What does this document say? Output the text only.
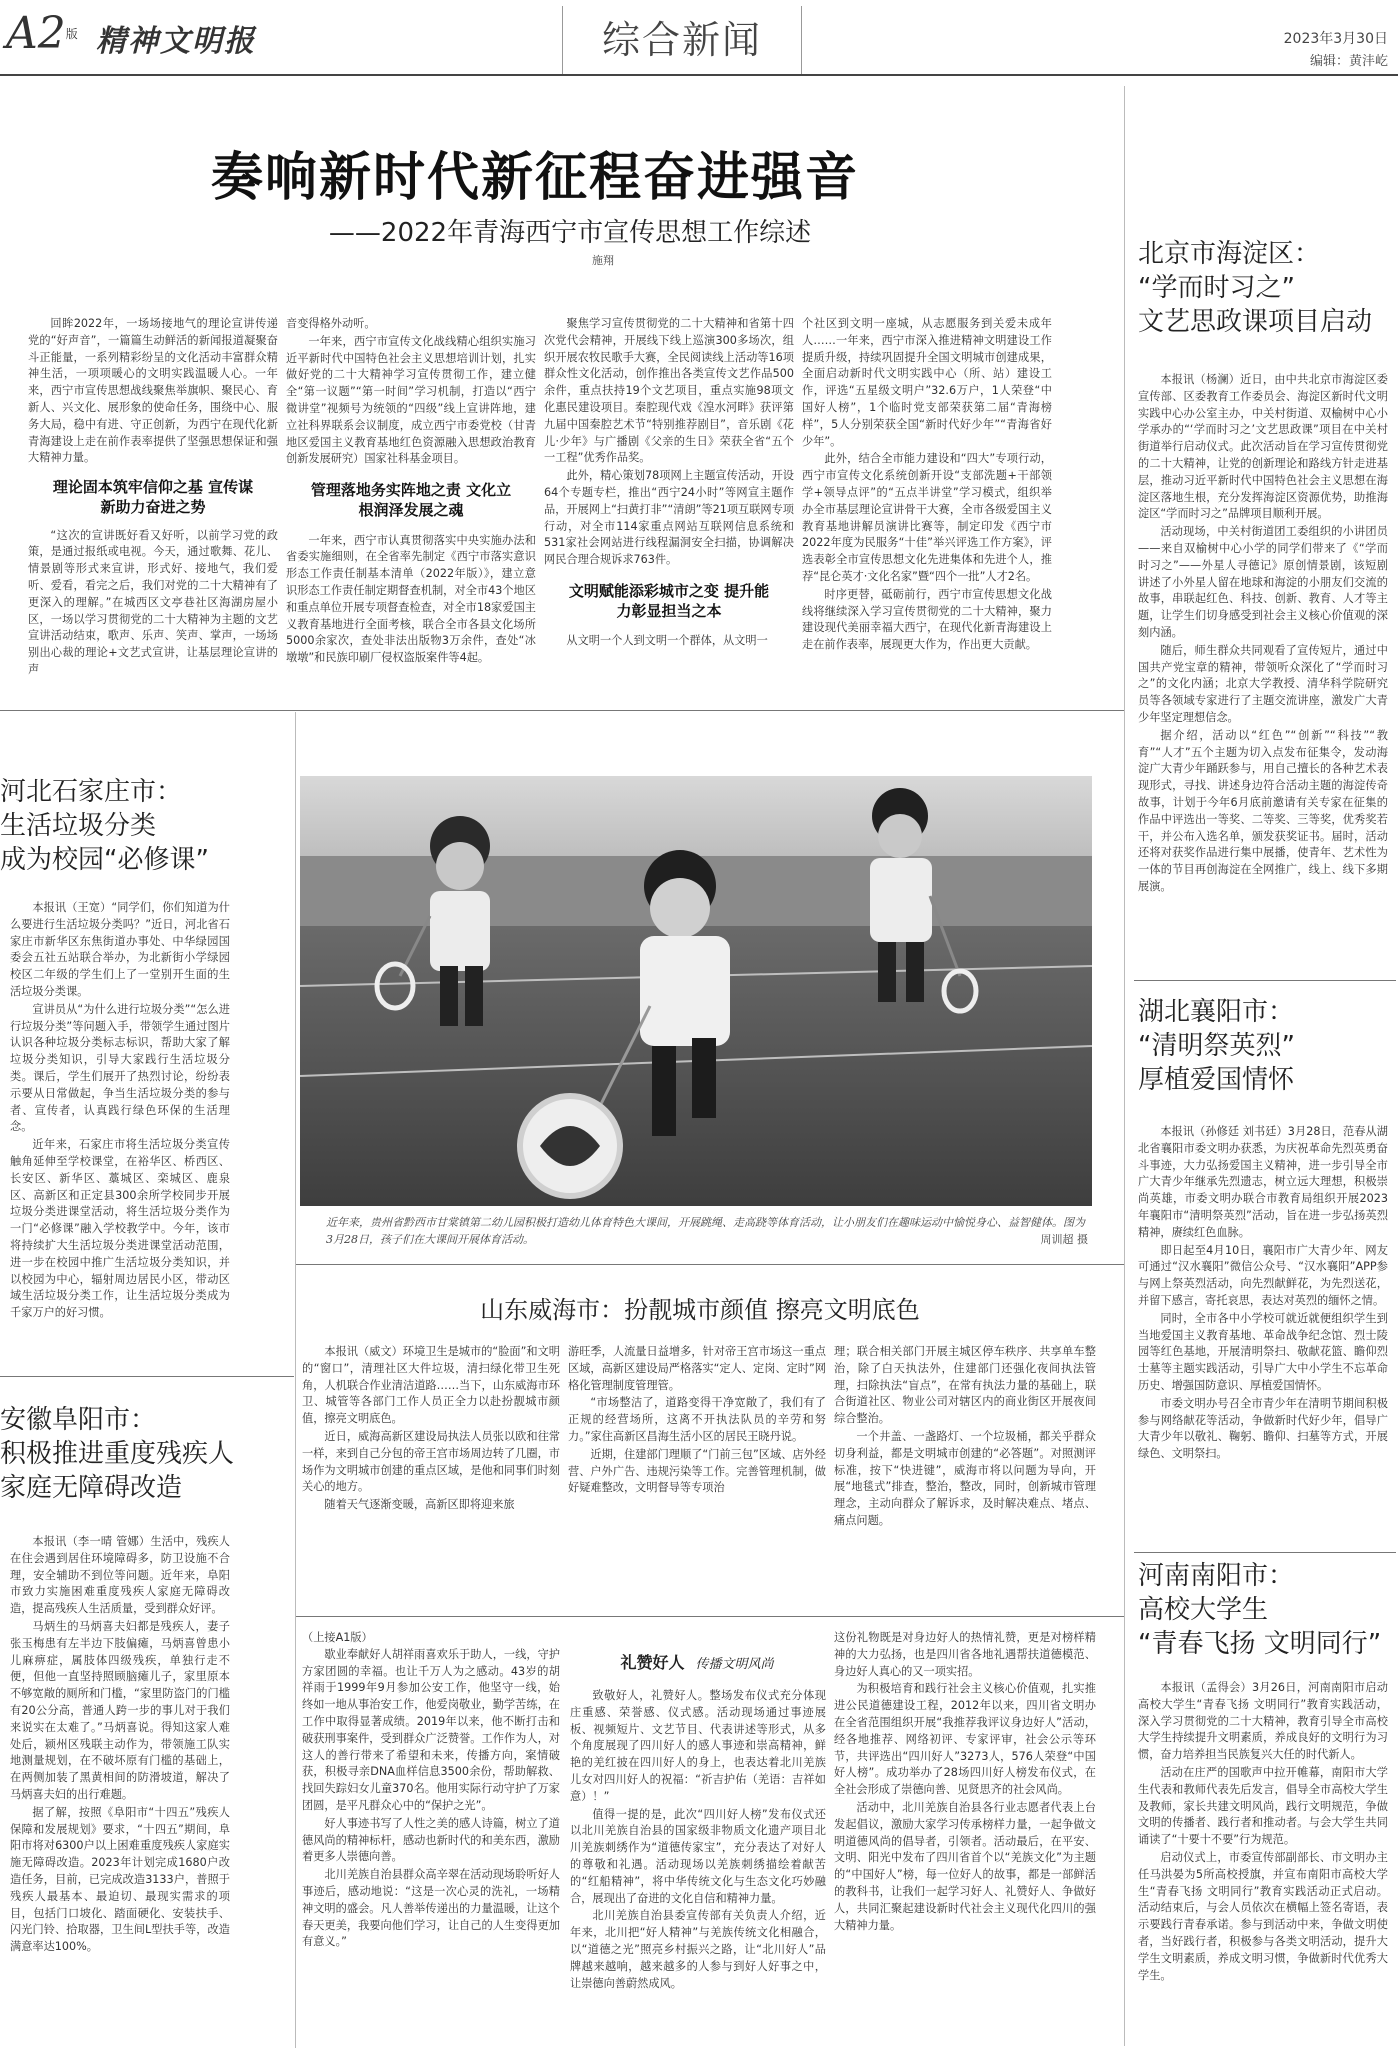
A2版 精神文明报	综合新闻	2023年3月30日
编辑：黄沣屹
奏响新时代新征程奋进强音
——2022年青海西宁市宣传思想工作综述
施翔

回眸2022年，一场场接地气的理论宣讲传递党的“好声音”，一篇篇生动鲜活的新闻报道凝聚奋斗正能量，一系列精彩纷呈的文化活动丰富群众精神生活，一项项暖心的文明实践温暖人心。一年来，西宁市宣传思想战线聚焦举旗帜、聚民心、育新人、兴文化、展形象的使命任务，围绕中心、服务大局，稳中有进、守正创新，为西宁在现代化新青海建设上走在前作表率提供了坚强思想保证和强大精神力量。

理论固本筑牢信仰之基 宣传谋新助力奋进之势

“这次的宣讲既好看又好听，以前学习党的政策，是通过报纸或电视。今天，通过歌舞、花儿、情景剧等形式来宣讲，形式好、接地气，我们爱听、爱看，看完之后，我们对党的二十大精神有了更深入的理解。”在城西区文亭巷社区海湖房屋小区，一场以学习贯彻党的二十大精神为主题的文艺宣讲活动结束，歌声、乐声、笑声、掌声，一场场别出心裁的理论+文艺式宣讲，让基层理论宣讲的声

音变得格外动听。

一年来，西宁市宣传文化战线精心组织实施习近平新时代中国特色社会主义思想培训计划，扎实做好党的二十大精神学习宣传贯彻工作，建立健全“第一议题”“第一时间”学习机制，打造以“西宁微讲堂”视频号为统领的“四级”线上宣讲阵地，建立社科界联系会议制度，成立西宁市委党校（甘青地区爱国主义教育基地红色资源融入思想政治教育创新发展研究）国家社科基金项目。

管理落地务实阵地之责 文化立根润泽发展之魂

一年来，西宁市认真贯彻落实中央实施办法和省委实施细则，在全省率先制定《西宁市落实意识形态工作责任制基本清单（2022年版）》，建立意识形态工作责任制定期督查机制，对全市43个地区和重点单位开展专项督查检查，对全市18家爱国主义教育基地进行全面考核，联合全市各县文化场所5000余家次，查处非法出版物3万余件，查处“冰墩墩”和民族印刷厂侵权盗版案件等4起。

聚焦学习宣传贯彻党的二十大精神和省第十四次党代会精神，开展线下线上巡演300多场次，组织开展农牧民歌手大赛，全民阅读线上活动等16项群众性文化活动，创作推出各类宣传文艺作品500余件，重点扶持19个文艺项目，重点实施98项文化惠民建设项目。秦腔现代戏《湟水河畔》获评第九届中国秦腔艺术节“特别推荐剧目”，音乐剧《花儿·少年》与广播剧《父亲的生日》荣获全省“五个一工程”优秀作品奖。

此外，精心策划78项网上主题宣传活动，开设64个专题专栏，推出“西宁24小时”等网宣主题作品，开展网上“扫黄打非”“清朗”等21项互联网专项行动，对全市114家重点网站互联网信息系统和531家社会网站进行线程漏洞安全扫描，协调解决网民合理合规诉求763件。

文明赋能添彩城市之变 提升能力彰显担当之本

从文明一个人到文明一个群体，从文明一

个社区到文明一座城，从志愿服务到关爱未成年人……一年来，西宁市深入推进精神文明建设工作提质升级，持续巩固提升全国文明城市创建成果，全面启动新时代文明实践中心（所、站）建设工作，评选“五星级文明户”32.6万户，1人荣登“中国好人榜”，1个临时党支部荣获第二届“青海榜样”，5人分别荣获全国“新时代好少年”“青海省好少年”。

此外，结合全市能力建设和“四大”专项行动，西宁市宣传文化系统创新开设“支部洗题+干部领学+领导点评”的“五点半讲堂”学习模式，组织举办全市基层理论宣讲骨干大赛，全市各级爱国主义教育基地讲解员演讲比赛等，制定印发《西宁市2022年度为民服务“十佳”举兴评选工作方案》，评选表彰全市宣传思想文化先进集体和先进个人，推荐“昆仑英才·文化名家”暨“四个一批”人才2名。

时序更替，砥砺前行，西宁市宣传思想文化战线将继续深入学习宣传贯彻党的二十大精神，聚力建设现代美丽幸福大西宁，在现代化新青海建设上走在前作表率，展现更大作为，作出更大贡献。

北京市海淀区：
“学而时习之”
文艺思政课项目启动

本报讯（杨澜）近日，由中共北京市海淀区委宣传部、区委教育工作委员会、海淀区新时代文明实践中心办公室主办，中关村街道、双榆树中心小学承办的“‘学而时习之’文艺思政课”项目在中关村街道举行启动仪式。此次活动旨在学习宣传贯彻党的二十大精神，让党的创新理论和路线方针走进基层，推动习近平新时代中国特色社会主义思想在海淀区落地生根，充分发挥海淀区资源优势，助推海淀区“学而时习之”品牌项目顺利开展。

活动现场，中关村街道团工委组织的小讲团员——来自双榆树中心小学的同学们带来了《“学而时习之”——外星人寻德记》原创情景剧，该短剧讲述了小外星人留在地球和海淀的小朋友们交流的故事，串联起红色、科技、创新、教育、人才等主题，让学生们切身感受到社会主义核心价值观的深刻内涵。

随后，师生群众共同观看了宣传短片，通过中国共产党宝章的精神，带领听众深化了“学而时习之”的文化内涵；北京大学教授、清华科学院研究员等各领域专家进行了主题交流讲座，激发广大青少年坚定理想信念。

据介绍，活动以“红色”“创新”“科技”“教育”“人才”五个主题为切入点发布征集令，发动海淀广大青少年踊跃参与，用自己擅长的各种艺术表现形式，寻找、讲述身边符合活动主题的海淀传奇故事，计划于今年6月底前邀请有关专家在征集的作品中评选出一等奖、二等奖、三等奖，优秀奖若干，并公布入选名单，颁发获奖证书。届时，活动还将对获奖作品进行集中展播，使青年、艺术性为一体的节目再创海淀在全网推广，线上、线下多期展演。

湖北襄阳市：
“清明祭英烈”
厚植爱国情怀

本报讯（孙修廷 刘书廷）3月28日，范春从湖北省襄阳市委文明办获悉，为庆祝革命先烈英勇奋斗事迹，大力弘扬爱国主义精神，进一步引导全市广大青少年继承先烈遗志，树立远大理想，积极崇尚英雄，市委文明办联合市教育局组织开展2023年襄阳市“清明祭英烈”活动，旨在进一步弘扬英烈精神，赓续红色血脉。

即日起至4月10日，襄阳市广大青少年、网友可通过“汉水襄阳”微信公众号、“汉水襄阳”APP参与网上祭英烈活动，向先烈献鲜花，为先烈送花，并留下感言，寄托哀思，表达对英烈的缅怀之情。

同时，全市各中小学校可就近就便组织学生到当地爱国主义教育基地、革命战争纪念馆、烈士陵园等红色基地，开展清明祭扫、敬献花篮、瞻仰烈士墓等主题实践活动，引导广大中小学生不忘革命历史、增强国防意识、厚植爱国情怀。

市委文明办号召全市青少年在清明节期间积极参与网络献花等活动，争做新时代好少年，倡导广大青少年以敬礼、鞠躬、瞻仰、扫墓等方式，开展绿色、文明祭扫。

河南南阳市：
高校大学生
“青春飞扬 文明同行”

本报讯（孟得会）3月26日，河南南阳市启动高校大学生“青春飞扬 文明同行”教育实践活动，深入学习贯彻党的二十大精神，教育引导全市高校大学生持续提升文明素质，养成良好的文明行为习惯，奋力培养担当民族复兴大任的时代新人。

活动在庄严的国歌声中拉开帷幕，南阳市大学生代表和教师代表先后发言，倡导全市高校大学生及教师，家长共建文明风尚，践行文明规范，争做文明的传播者、践行者和推动者。与会大学生共同诵读了“十要十不要”行为规范。

启动仪式上，市委宣传部副部长、市文明办主任马洪晏为5所高校授旗，并宣布南阳市高校大学生“青春飞扬 文明同行”教育实践活动正式启动。活动结束后，与会人员依次在横幅上签名寄语，表示要践行青春承诺。参与到活动中来，争做文明使者，当好践行者，积极参与各类文明活动，提升大学生文明素质，养成文明习惯，争做新时代优秀大学生。

河北石家庄市：
生活垃圾分类
成为校园“必修课”

本报讯（王宽）“同学们，你们知道为什么要进行生活垃圾分类吗？”近日，河北省石家庄市新华区东焦街道办事处、中华绿园国委会五社五站联合举办，为北新街小学绿园校区二年级的学生们上了一堂别开生面的生活垃圾分类课。

宣讲员从“为什么进行垃圾分类”“怎么进行垃圾分类”等问题入手，带领学生通过图片认识各种垃圾分类标志标识，帮助大家了解垃圾分类知识，引导大家践行生活垃圾分类。课后，学生们展开了热烈讨论，纷纷表示要从日常做起，争当生活垃圾分类的参与者、宣传者，认真践行绿色环保的生活理念。

近年来，石家庄市将生活垃圾分类宣传触角延伸至学校课堂，在裕华区、桥西区、长安区、新华区、藁城区、栾城区、鹿泉区、高新区和正定县300余所学校同步开展垃圾分类进课堂活动，将生活垃圾分类作为一门“必修课”融入学校教学中。今年，该市将持续扩大生活垃圾分类进课堂活动范围，进一步在校园中推广生活垃圾分类知识，并以校园为中心，辐射周边居民小区，带动区域生活垃圾分类工作，让生活垃圾分类成为千家万户的好习惯。

安徽阜阳市：
积极推进重度残疾人
家庭无障碍改造

本报讯（李一晴 管娜）生活中，残疾人在住会遇到居住环境障碍多，防卫设施不合理，安全辅助不到位等问题。近年来，阜阳市致力实施困难重度残疾人家庭无障碍改造，提高残疾人生活质量，受到群众好评。

马炳生的马炳喜夫妇都是残疾人，妻子张玉梅患有左半边下肢偏瘫，马炳喜曾患小儿麻痹症，属肢体四级残疾，单独行走不便，但他一直坚持照顾脑瘫儿子，家里原本不够宽敞的厕所和门槛，“家里防盗门的门槛有20公分高，普通人跨一步的事儿对于我们来说实在太难了。”马炳喜说。得知这家人难处后，颍州区残联主动作为，带领施工队实地测量规划，在不破坏原有门槛的基础上，在两侧加装了黑黄相间的防滑坡道，解决了马炳喜夫妇的出行难题。

据了解，按照《阜阳市“十四五”残疾人保障和发展规划》要求，“十四五”期间，阜阳市将对6300户以上困难重度残疾人家庭实施无障碍改造。2023年计划完成1680户改造任务，目前，已完成改造3133户，普照于残疾人最基本、最迫切、最现实需求的项目，包括门口坡化、踏面硬化、安装扶手、闪光门铃、拾取器，卫生间L型扶手等，改造满意率达100%。

近年来，贵州省黔西市甘棠镇第二幼儿园积极打造幼儿体育特色大课间，开展跳绳、走高跷等体育活动，让小朋友们在趣味运动中愉悦身心、益智健体。图为3月28日，孩子们在大课间开展体育活动。	周训超 摄
山东威海市：扮靓城市颜值 擦亮文明底色

本报讯（威文）环境卫生是城市的“脸面”和文明的“窗口”，清理社区大件垃圾，清扫绿化带卫生死角，人机联合作业清洁道路……当下，山东威海市环卫、城管等各部门工作人员正全力以赴扮靓城市颜值，擦亮文明底色。

近日，威海高新区建设局执法人员张以欧和往常一样，来到自己分包的帝王宫市场周边转了几圈，市场作为文明城市创建的重点区域，是他和同事们时刻关心的地方。

随着天气逐渐变暖，高新区即将迎来旅

游旺季，人流量日益增多，针对帝王宫市场这一重点区域，高新区建设局严格落实“定人、定岗、定时”网格化管理制度管理管。

“市场整洁了，道路变得干净宽敞了，我们有了正规的经营场所，这离不开执法队员的辛劳和努力。”家住高新区昌海生活小区的居民王晓丹说。

近期，住建部门理顺了“门前三包”区域、店外经营、户外广告、违规污染等工作。完善管理机制，做好疑难整改，文明督导等专项治

理；联合相关部门开展主城区停车秩序、共享单车整治，除了白天执法外，住建部门还强化夜间执法管理，扫除执法“盲点”，在常有执法力量的基础上，联合街道社区、物业公司对辖区内的商业街区开展夜间综合整治。

一个井盖、一盏路灯、一个垃圾桶，都关乎群众切身利益，都是文明城市创建的“必答题”。对照测评标准，按下“快进键”，威海市将以问题为导向，开展“地毯式”排查，整治，整改，同时，创新城市管理理念，主动向群众了解诉求，及时解决难点、堵点、痛点问题。

（上接A1版）

歇业奉献好人胡祥雨喜欢乐于助人，一线，守护方家团圆的幸福。也让千万人为之感动。43岁的胡祥雨于1999年9月参加公安工作，他坚守一线，始终如一地从事治安工作，他爱岗敬业，勤学苦练，在工作中取得显著成绩。2019年以来，他不断打击和破获刑事案件，受到群众广泛赞誉。工作作为人，对这人的善行带来了希望和未来，传播方向，案情破获，积极寻亲DNA血样信息3500余份，帮助解救、找回失踪妇女儿童370名。他用实际行动守护了万家团圆，是平凡群众心中的“保护之光”。

好人事迹书写了人性之美的感人诗篇，树立了道德风尚的精神标杆，感动也新时代的和美东西，激励着更多人崇德向善。

北川羌族自治县群众高辛翠在活动现场聆听好人事迹后，感动地说：“这是一次心灵的洗礼，一场精神文明的盛会。凡人善举传递出的力量温暖，让这个春天更美，我要向他们学习，让自己的人生变得更加有意义。”

礼赞好人 传播文明风尚

致敬好人，礼赞好人。整场发布仪式充分体现庄重感、荣誉感、仪式感。活动现场通过事迹展板、视频短片、文艺节目、代表讲述等形式，从多个角度展现了四川好人的感人事迹和崇高精神，鲜艳的羌红披在四川好人的身上，也表达着北川羌族儿女对四川好人的祝福：“祈吉护佑（羌语：吉祥如意）！”

值得一提的是，此次“四川好人榜”发布仪式还以北川羌族自治县的国家级非物质文化遗产项目北川羌族刺绣作为“道德传家宝”，充分表达了对好人的尊敬和礼遇。活动现场以羌族刺绣描绘着献苦的“红船精神”，将中华传统文化与生态文化巧妙融合，展现出了奋进的文化自信和精神力量。

北川羌族自治县委宣传部有关负责人介绍，近年来，北川把“好人精神”与羌族传统文化相融合，以“道德之光”照亮乡村振兴之路，让“北川好人”品牌越来越响，越来越多的人参与到好人好事之中，让崇德向善蔚然成风。

这份礼物既是对身边好人的热情礼赞，更是对榜样精神的大力弘扬，也是四川省各地礼遇帮扶道德模范、身边好人真心的又一项实招。

为积极培育和践行社会主义核心价值观，扎实推进公民道德建设工程，2012年以来，四川省文明办在全省范围组织开展“我推荐我评议身边好人”活动，经各地推荐、网络初评、专家评审，社会公示等环节，共评选出“四川好人”3273人，576人荣登“中国好人榜”。成功举办了28场四川好人榜发布仪式，在全社会形成了崇德向善、见贤思齐的社会风尚。

活动中，北川羌族自治县各行业志愿者代表上台发起倡议，激励大家学习传承榜样力量，一起争做文明道德风尚的倡导者，引领者。活动最后，在平安、文明、阳光中发布了四川省首个以“羌族文化”为主题的“中国好人”榜，每一位好人的故事，都是一部鲜活的教科书，让我们一起学习好人、礼赞好人、争做好人，共同汇聚起建设新时代社会主义现代化四川的强大精神力量。
